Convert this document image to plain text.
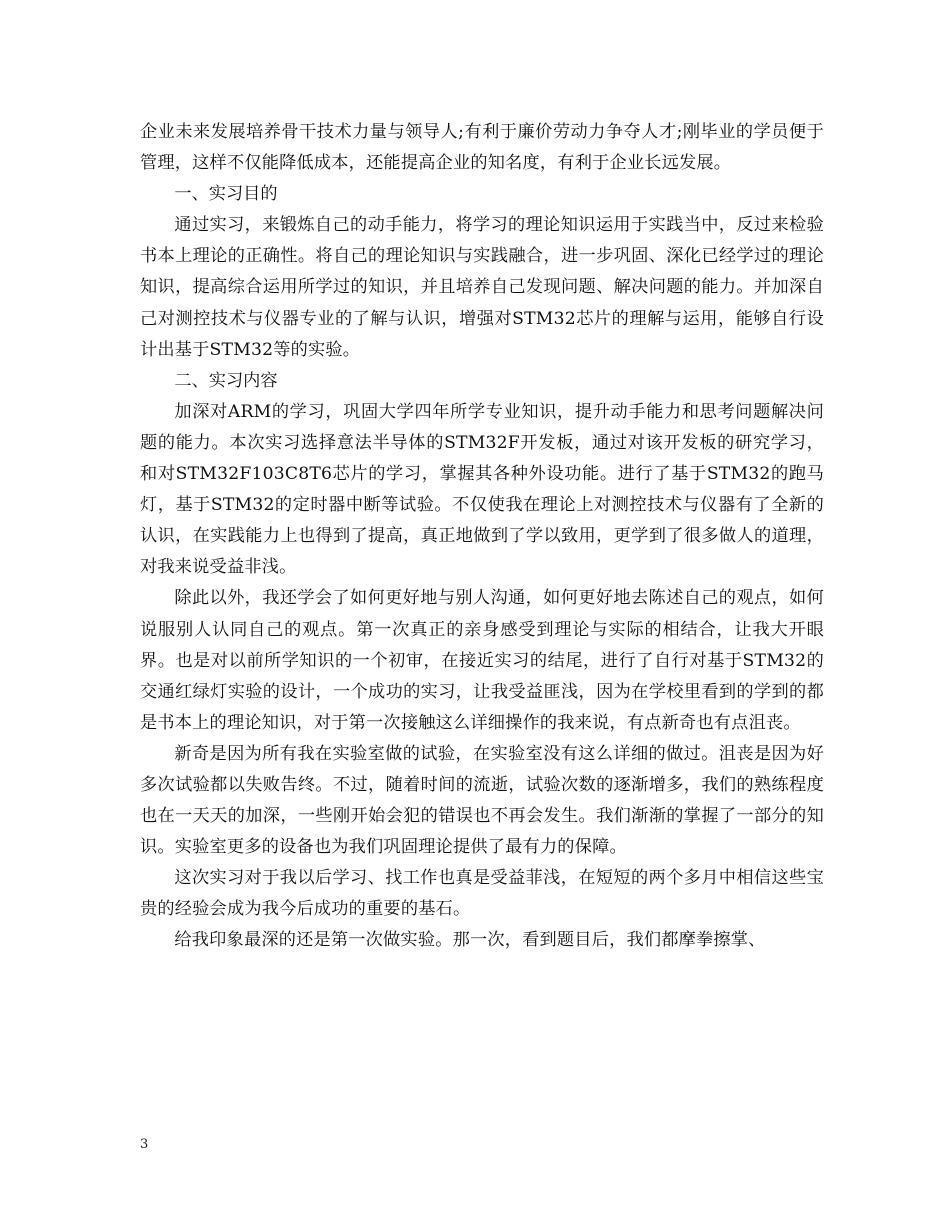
企业未来发展培养骨干技术力量与领导人;有利于廉价劳动力争夺人才;刚毕业的学员便于管理，这样不仅能降低成本，还能提高企业的知名度，有利于企业长远发展。

一、实习目的

通过实习，来锻炼自己的动手能力，将学习的理论知识运用于实践当中，反过来检验书本上理论的正确性。将自己的理论知识与实践融合，进一步巩固、深化已经学过的理论知识，提高综合运用所学过的知识，并且培养自己发现问题、解决问题的能力。并加深自己对测控技术与仪器专业的了解与认识，增强对STM32芯片的理解与运用，能够自行设计出基于STM32等的实验。

二、实习内容

加深对ARM的学习，巩固大学四年所学专业知识，提升动手能力和思考问题解决问题的能力。本次实习选择意法半导体的STM32F开发板，通过对该开发板的研究学习，和对STM32F103C8T6芯片的学习，掌握其各种外设功能。进行了基于STM32的跑马灯，基于STM32的定时器中断等试验。不仅使我在理论上对测控技术与仪器有了全新的认识，在实践能力上也得到了提高，真正地做到了学以致用，更学到了很多做人的道理，对我来说受益非浅。

除此以外，我还学会了如何更好地与别人沟通，如何更好地去陈述自己的观点，如何说服别人认同自己的观点。第一次真正的亲身感受到理论与实际的相结合，让我大开眼界。也是对以前所学知识的一个初审，在接近实习的结尾，进行了自行对基于STM32的交通红绿灯实验的设计，一个成功的实习，让我受益匪浅，因为在学校里看到的学到的都是书本上的理论知识，对于第一次接触这么详细操作的我来说，有点新奇也有点沮丧。

新奇是因为所有我在实验室做的试验，在实验室没有这么详细的做过。沮丧是因为好多次试验都以失败告终。不过，随着时间的流逝，试验次数的逐渐增多，我们的熟练程度也在一天天的加深，一些刚开始会犯的错误也不再会发生。我们渐渐的掌握了一部分的知识。实验室更多的设备也为我们巩固理论提供了最有力的保障。

这次实习对于我以后学习、找工作也真是受益菲浅，在短短的两个多月中相信这些宝贵的经验会成为我今后成功的重要的基石。

给我印象最深的还是第一次做实验。那一次，看到题目后，我们都摩拳擦掌、

3
